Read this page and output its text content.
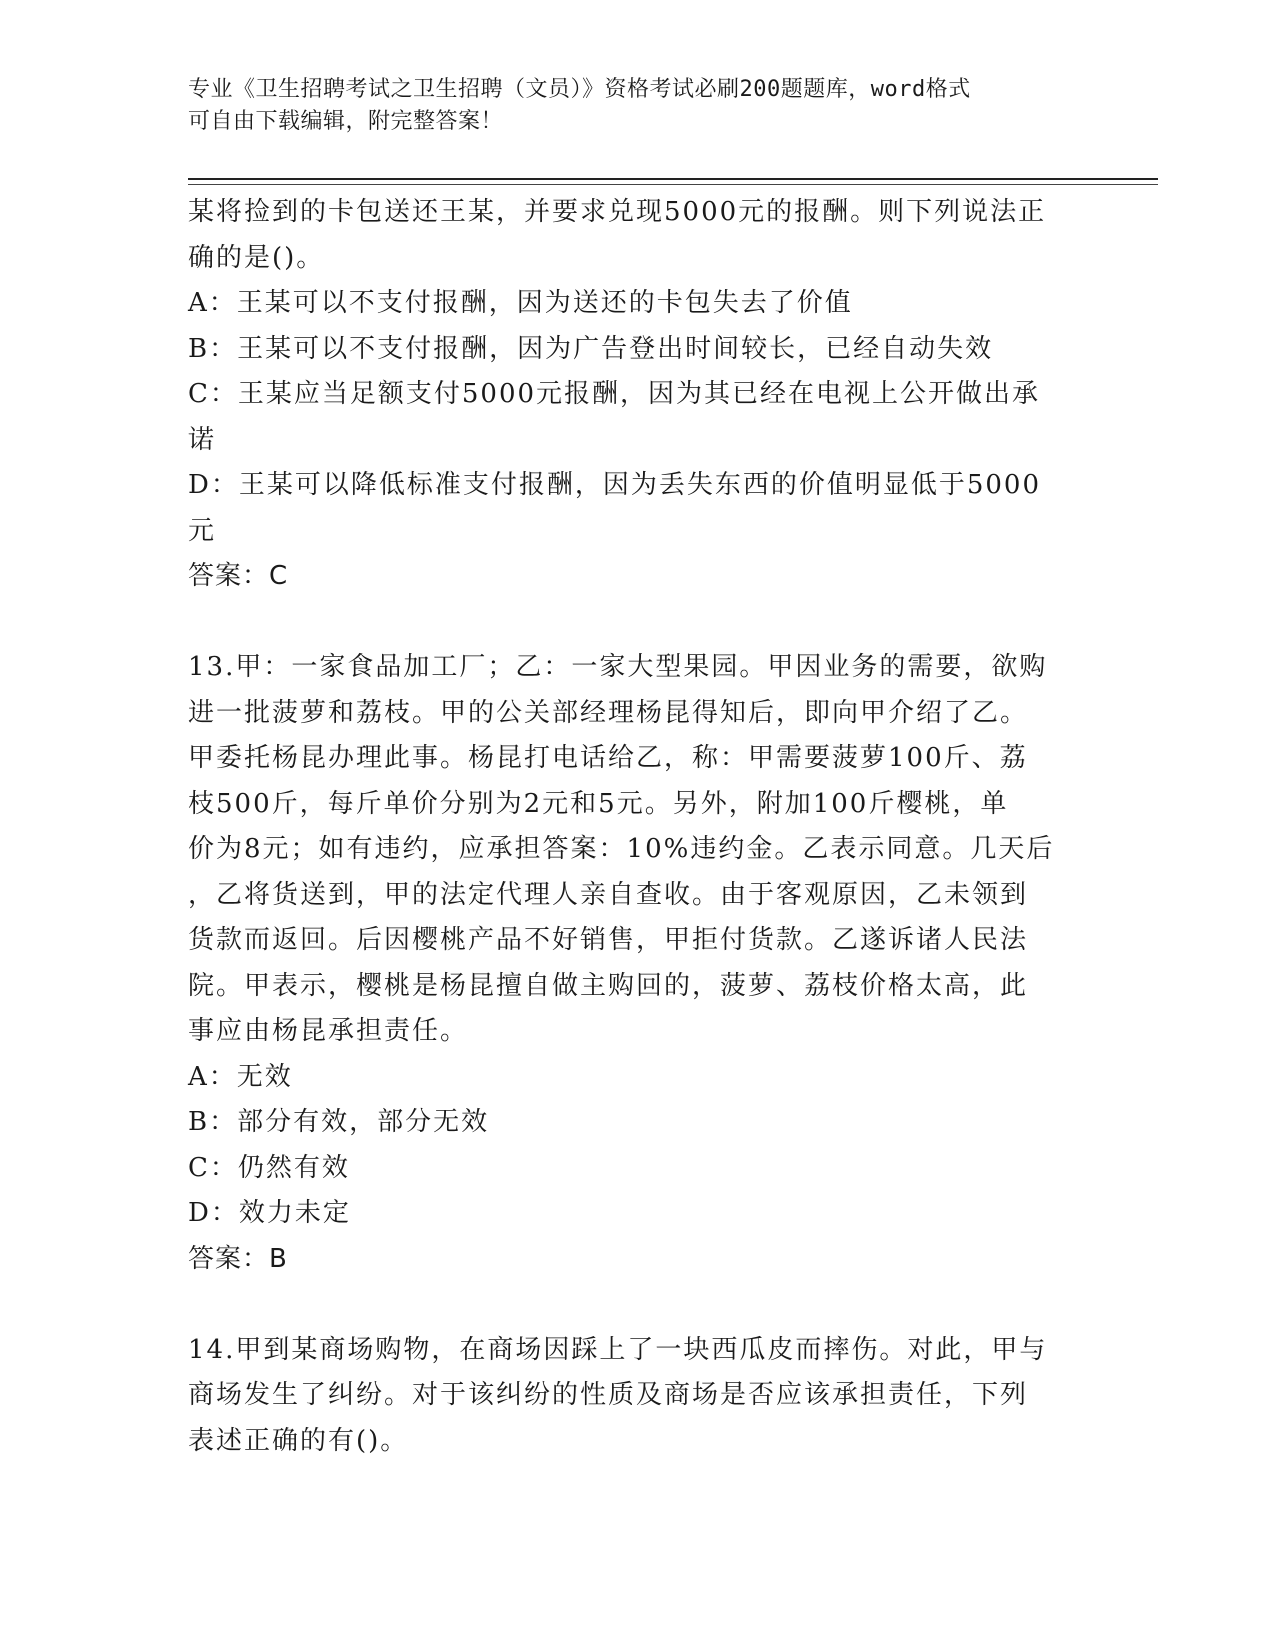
专业《卫生招聘考试之卫生招聘（文员）》资格考试必刷200题题库，word格式
可自由下载编辑，附完整答案！

某将捡到的卡包送还王某，并要求兑现5000元的报酬。则下列说法正

确的是()。

A：王某可以不支付报酬，因为送还的卡包失去了价值

B：王某可以不支付报酬，因为广告登出时间较长，已经自动失效

C：王某应当足额支付5000元报酬，因为其已经在电视上公开做出承

诺

D：王某可以降低标准支付报酬，因为丢失东西的价值明显低于5000

元

答案：C

13.甲：一家食品加工厂；乙：一家大型果园。甲因业务的需要，欲购

进一批菠萝和荔枝。甲的公关部经理杨昆得知后，即向甲介绍了乙。

甲委托杨昆办理此事。杨昆打电话给乙，称：甲需要菠萝100斤、荔

枝500斤，每斤单价分别为2元和5元。另外，附加100斤樱桃，单

价为8元；如有违约，应承担答案：10%违约金。乙表示同意。几天后

，乙将货送到，甲的法定代理人亲自查收。由于客观原因，乙未领到

货款而返回。后因樱桃产品不好销售，甲拒付货款。乙遂诉诸人民法

院。甲表示，樱桃是杨昆擅自做主购回的，菠萝、荔枝价格太高，此

事应由杨昆承担责任。

A：无效

B：部分有效，部分无效

C：仍然有效

D：效力未定

答案：B

14.甲到某商场购物，在商场因踩上了一块西瓜皮而摔伤。对此，甲与

商场发生了纠纷。对于该纠纷的性质及商场是否应该承担责任，下列

表述正确的有()。
